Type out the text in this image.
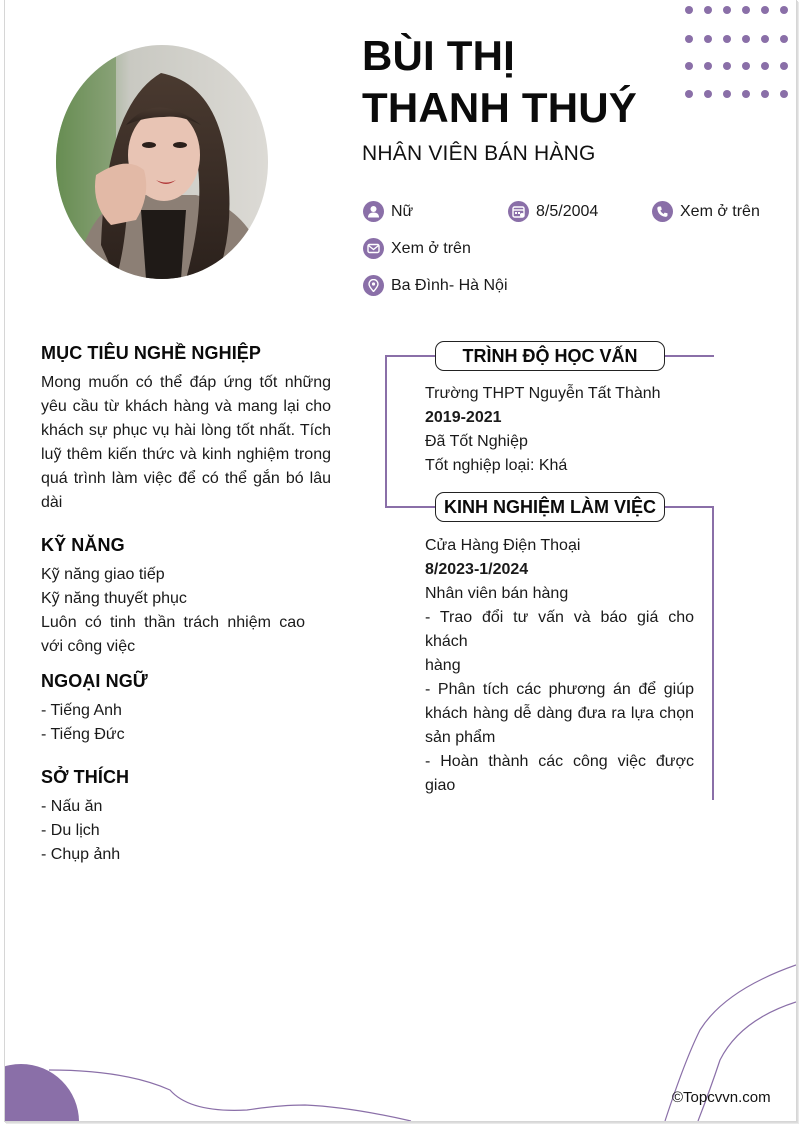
BÙI THỊ
THANH THUÝ
NHÂN VIÊN BÁN HÀNG
Nữ	8/5/2004	Xem ở trên
Xem ở trên
Ba Đình- Hà Nội
MỤC TIÊU NGHỀ NGHIỆP
Mong muốn có thể đáp ứng tốt những
yêu cầu từ khách hàng và mang lại cho
khách sự phục vụ hài lòng tốt nhất. Tích
luỹ thêm kiến thức và kinh nghiệm trong
quá trình làm việc để có thể gắn bó lâu
dài
KỸ NĂNG
Kỹ năng giao tiếp
Kỹ năng thuyết phục
Luôn có tinh thần trách nhiệm cao
với công việc
NGOẠI NGỮ
- Tiếng Anh
- Tiếng Đức
SỞ THÍCH
- Nấu ăn
- Du lịch
- Chụp ảnh
TRÌNH ĐỘ HỌC VẤN
Trường THPT Nguyễn Tất Thành
2019-2021
Đã Tốt Nghiệp
Tốt nghiệp loại: Khá
KINH NGHIỆM LÀM VIỆC
Cửa Hàng Điện Thoại
8/2023-1/2024
Nhân viên bán hàng
- Trao đổi tư vấn và báo giá cho khách
hàng
- Phân tích các phương án để giúp
khách hàng dễ dàng đưa ra lựa chọn
sản phẩm
- Hoàn thành các công việc được
giao
©Topcvvn.com
